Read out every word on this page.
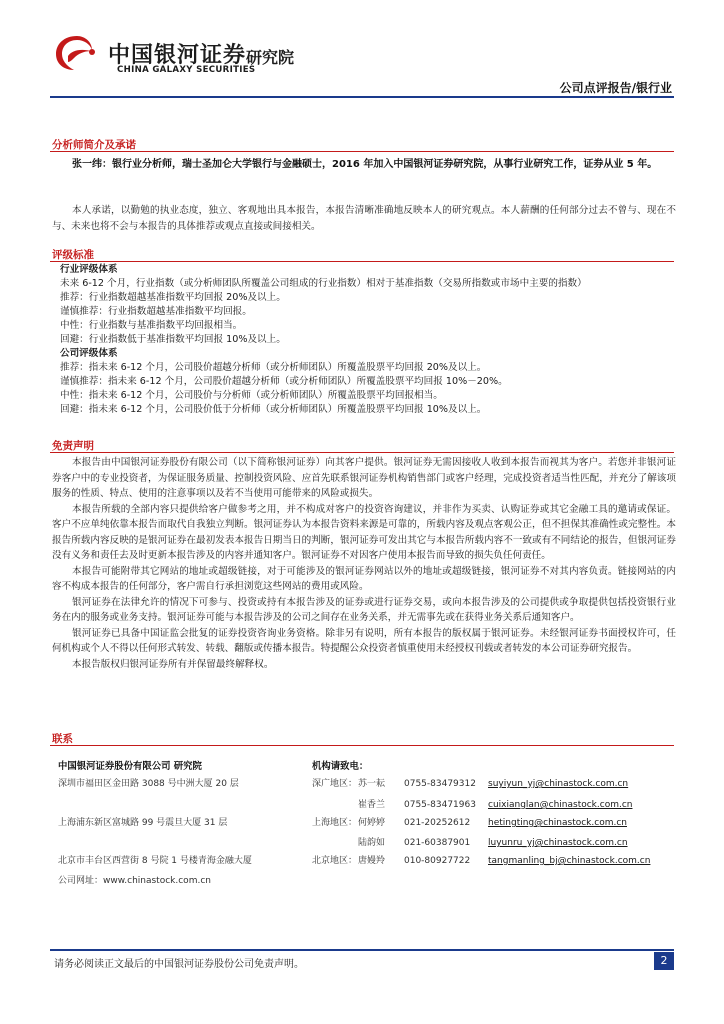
中国银河证券 研究院
CHINA GALAXY SECURITIES
公司点评报告/银行业
分析师简介及承诺
张一纬：银行业分析师，瑞士圣加仑大学银行与金融硕士，2016 年加入中国银河证券研究院，从事行业研究工作，证券从业 5 年。
本人承诺，以勤勉的执业态度，独立、客观地出具本报告，本报告清晰准确地反映本人的研究观点。本人薪酬的任何部分过去不曾与、现在不与、未来也将不会与本报告的具体推荐或观点直接或间接相关。
评级标准
行业评级体系
未来 6-12 个月，行业指数（或分析师团队所覆盖公司组成的行业指数）相对于基准指数（交易所指数或市场中主要的指数）
推荐：行业指数超越基准指数平均回报 20%及以上。
谨慎推荐：行业指数超越基准指数平均回报。
中性：行业指数与基准指数平均回报相当。
回避：行业指数低于基准指数平均回报 10%及以上。
公司评级体系
推荐：指未来 6-12 个月，公司股价超越分析师（或分析师团队）所覆盖股票平均回报 20%及以上。
谨慎推荐：指未来 6-12 个月，公司股价超越分析师（或分析师团队）所覆盖股票平均回报 10%－20%。
中性：指未来 6-12 个月，公司股价与分析师（或分析师团队）所覆盖股票平均回报相当。
回避：指未来 6-12 个月，公司股价低于分析师（或分析师团队）所覆盖股票平均回报 10%及以上。
免责声明
本报告由中国银河证券股份有限公司（以下简称银河证券）向其客户提供。银河证券无需因接收人收到本报告而视其为客户。若您并非银河证券客户中的专业投资者，为保证服务质量、控制投资风险、应首先联系银河证券机构销售部门或客户经理，完成投资者适当性匹配，并充分了解该项服务的性质、特点、使用的注意事项以及若不当使用可能带来的风险或损失。
本报告所载的全部内容只提供给客户做参考之用，并不构成对客户的投资咨询建议，并非作为买卖、认购证券或其它金融工具的邀请或保证。客户不应单纯依靠本报告而取代自我独立判断。银河证券认为本报告资料来源是可靠的，所载内容及观点客观公正，但不担保其准确性或完整性。本报告所载内容反映的是银河证券在最初发表本报告日期当日的判断，银河证券可发出其它与本报告所载内容不一致或有不同结论的报告，但银河证券没有义务和责任去及时更新本报告涉及的内容并通知客户。银河证券不对因客户使用本报告而导致的损失负任何责任。
本报告可能附带其它网站的地址或超级链接，对于可能涉及的银河证券网站以外的地址或超级链接，银河证券不对其内容负责。链接网站的内容不构成本报告的任何部分，客户需自行承担浏览这些网站的费用或风险。
银河证券在法律允许的情况下可参与、投资或持有本报告涉及的证券或进行证券交易，或向本报告涉及的公司提供或争取提供包括投资银行业务在内的服务或业务支持。银河证券可能与本报告涉及的公司之间存在业务关系，并无需事先或在获得业务关系后通知客户。
银河证券已具备中国证监会批复的证券投资咨询业务资格。除非另有说明，所有本报告的版权属于银河证券。未经银河证券书面授权许可，任何机构或个人不得以任何形式转发、转载、翻版或传播本报告。特提醒公众投资者慎重使用未经授权刊载或者转发的本公司证券研究报告。
本报告版权归银河证券所有并保留最终解释权。
联系
中国银河证券股份有限公司 研究院
深圳市福田区金田路 3088 号中洲大厦 20 层
上海浦东新区富城路 99 号震旦大厦 31 层
北京市丰台区西营街 8 号院 1 号楼青海金融大厦
公司网址：www.chinastock.com.cn
机构请致电：
深广地区：苏一耘 0755-83479312 suyiyun_yj@chinastock.com.cn
崔香兰 0755-83471963 cuixianglan@chinastock.com.cn
上海地区：何婷婷 021-20252612 hetingting@chinastock.com.cn
陆韵如 021-60387901 luyunru_yj@chinastock.com.cn
北京地区：唐嫚羚 010-80927722 tangmanling_bj@chinastock.com.cn
请务必阅读正文最后的中国银河证券股份公司免责声明。	2
